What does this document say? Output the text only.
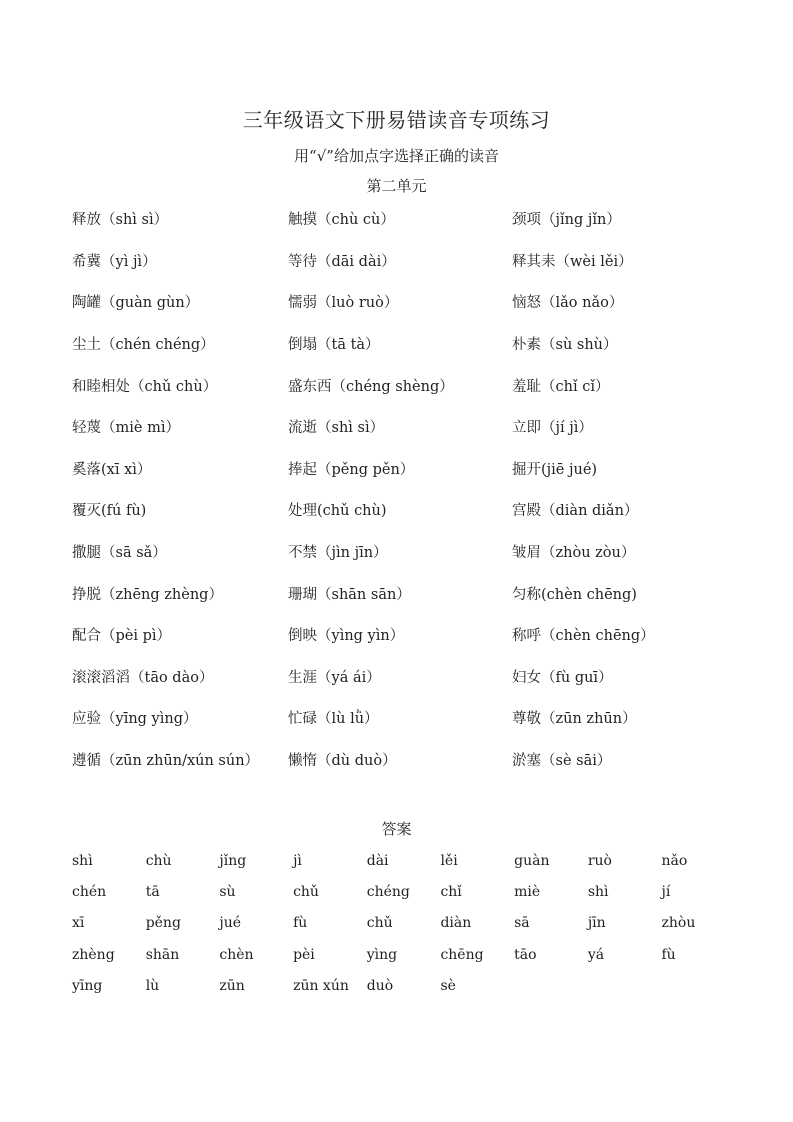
三年级语文下册易错读音专项练习
用“√”给加点字选择正确的读音
第二单元
释放（shì sì）	触摸（chù cù）	颈项（jǐng jǐn）
希冀（yì jì）	等待（dāi dài）	释其耒（wèi lěi）
陶罐（guàn gùn）	懦弱（luò ruò）	恼怒（lǎo nǎo）
尘土（chén chéng）	倒塌（tā tà）	朴素（sù shù）
和睦相处（chǔ chù）	盛东西（chéng shèng）	羞耻（chǐ cǐ）
轻蔑（miè mì）	流逝（shì sì）	立即（jí jì）
奚落(xī xì）	捧起（pěng pěn）	掘开(jiē jué)
覆灭(fú fù)	处理(chǔ chù)	宫殿（diàn diǎn）
撒腿（sā sǎ）	不禁（jìn jīn）	皱眉（zhòu zòu）
挣脱（zhēng zhèng）	珊瑚（shān sān）	匀称(chèn chēng)
配合（pèi pì）	倒映（yìng yìn）	称呼（chèn chēng）
滚滚滔滔（tāo dào）	生涯（yá ái）	妇女（fù guī）
应验（yīng yìng）	忙碌（lù lǜ）	尊敬（zūn zhūn）
遵循（zūn zhūn/xún sún）	懒惰（dù duò）	淤塞（sè sāi）
答案
shì	chù	jǐng	jì	dài	lěi	guàn	ruò	nǎo
chén	tā	sù	chǔ	chéng	chǐ	miè	shì	jí
xī	pěng	jué	fù	chǔ	diàn	sā	jīn	zhòu
zhèng	shān	chèn	pèi	yìng	chēng	tāo	yá	fù
yīng	lù	zūn	zūn xún	duò	sè
